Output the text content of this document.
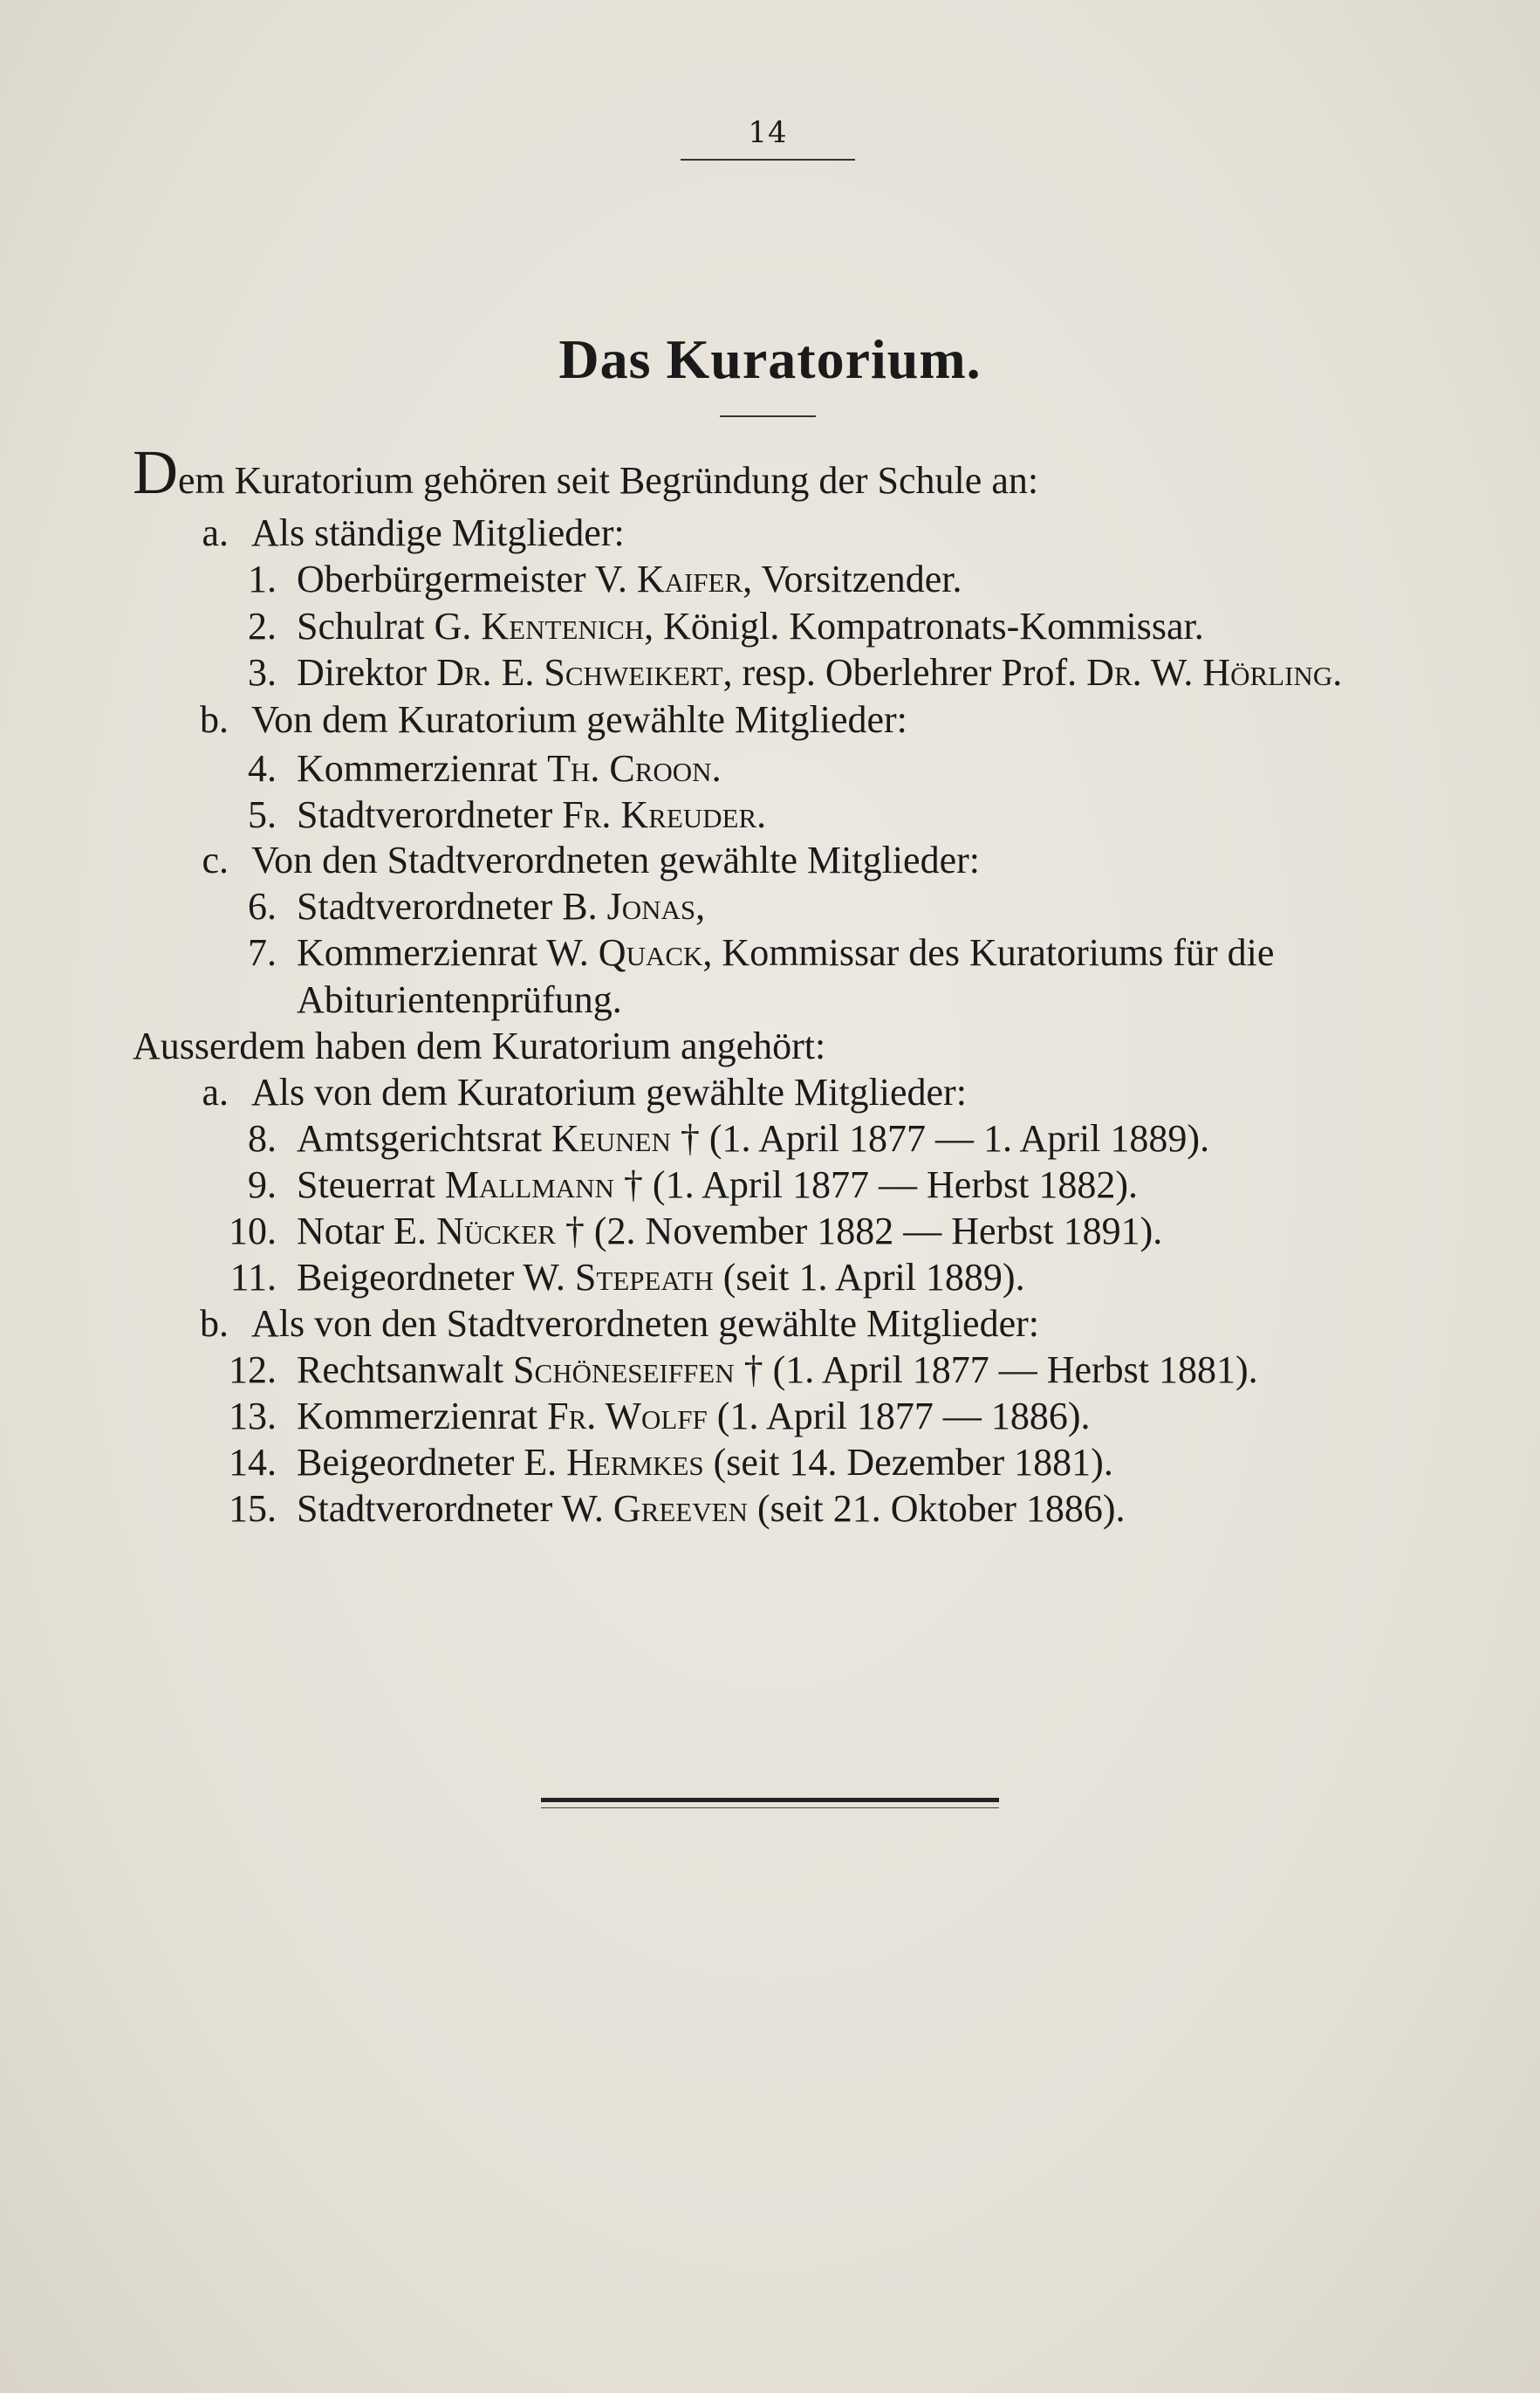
14
Das Kuratorium.
Dem Kuratorium gehören seit Begründung der Schule an:
a. Als ständige Mitglieder:
1. Oberbürgermeister V. Kaifer, Vorsitzender.
2. Schulrat G. Kentenich, Königl. Kompatronats-Kommissar.
3. Direktor Dr. E. Schweikert, resp. Oberlehrer Prof. Dr. W. Hörling.
b. Von dem Kuratorium gewählte Mitglieder:
4. Kommerzienrat Th. Croon.
5. Stadtverordneter Fr. Kreuder.
c. Von den Stadtverordneten gewählte Mitglieder:
6. Stadtverordneter B. Jonas,
7. Kommerzienrat W. Quack, Kommissar des Kuratoriums für die
Abiturientenprüfung.
Ausserdem haben dem Kuratorium angehört:
a. Als von dem Kuratorium gewählte Mitglieder:
8. Amtsgerichtsrat Keunen † (1. April 1877 — 1. April 1889).
9. Steuerrat Mallmann † (1. April 1877 — Herbst 1882).
10. Notar E. Nücker † (2. November 1882 — Herbst 1891).
11. Beigeordneter W. Stepeath (seit 1. April 1889).
b. Als von den Stadtverordneten gewählte Mitglieder:
12. Rechtsanwalt Schöneseiffen † (1. April 1877 — Herbst 1881).
13. Kommerzienrat Fr. Wolff (1. April 1877 — 1886).
14. Beigeordneter E. Hermkes (seit 14. Dezember 1881).
15. Stadtverordneter W. Greeven (seit 21. Oktober 1886).
